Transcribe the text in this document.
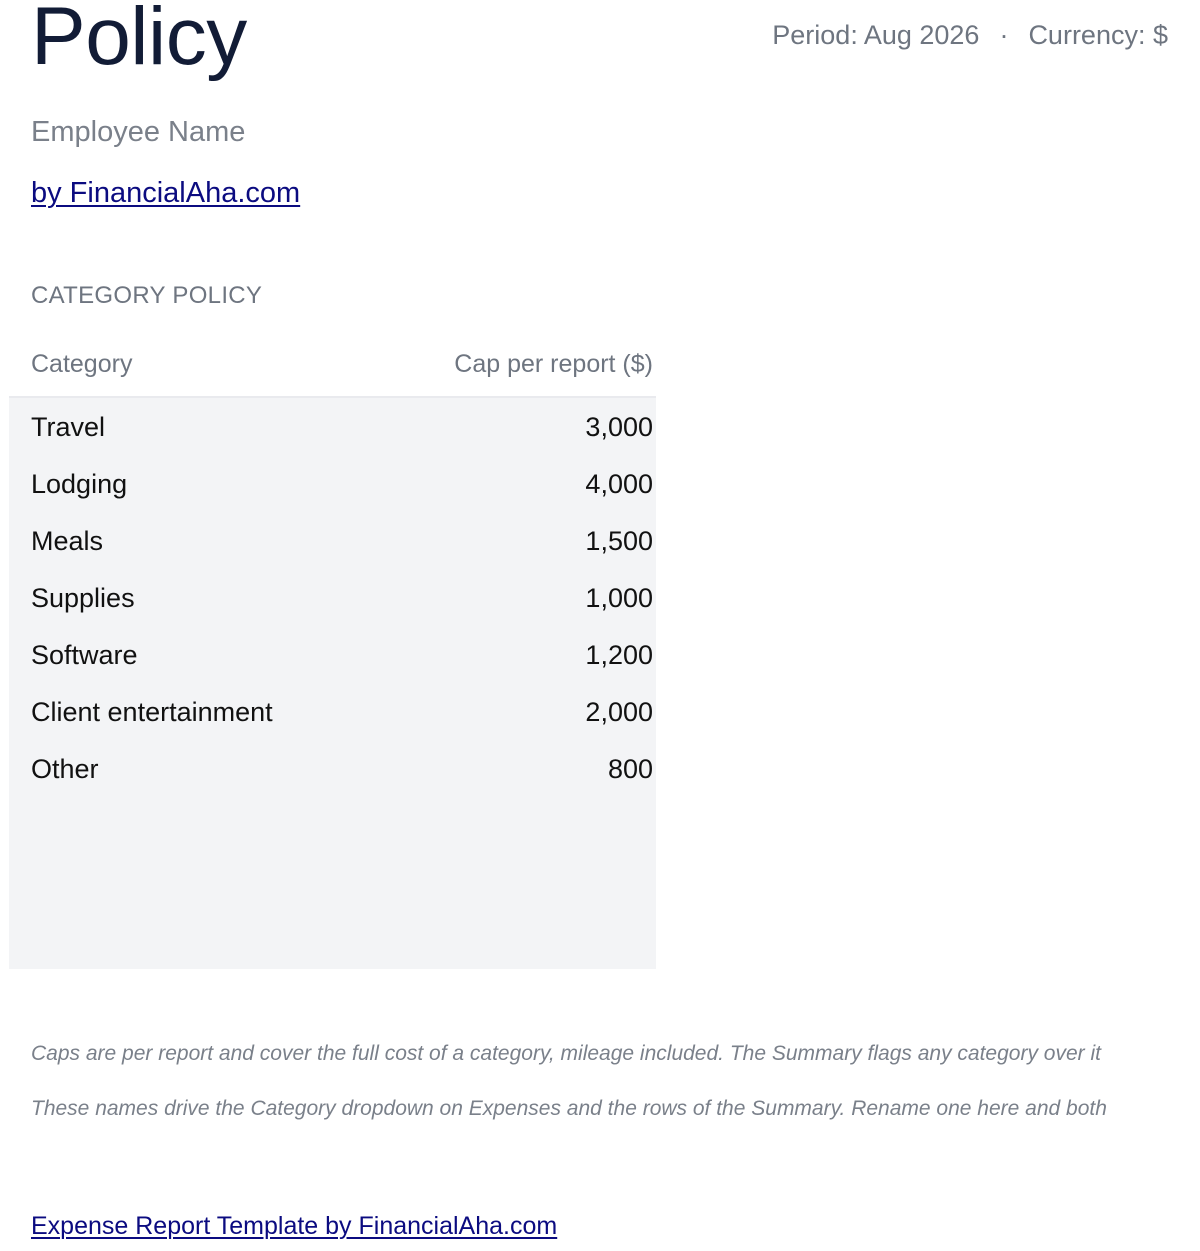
Policy	Period: Aug 2026 · Currency: $
Employee Name
by FinancialAha.com
CATEGORY POLICY
Category	Cap per report ($)
Travel	3,000
Lodging	4,000
Meals	1,500
Supplies	1,000
Software	1,200
Client entertainment	2,000
Other	800
Caps are per report and cover the full cost of a category, mileage included. The Summary flags any category over it
These names drive the Category dropdown on Expenses and the rows of the Summary. Rename one here and both
Expense Report Template by FinancialAha.com
